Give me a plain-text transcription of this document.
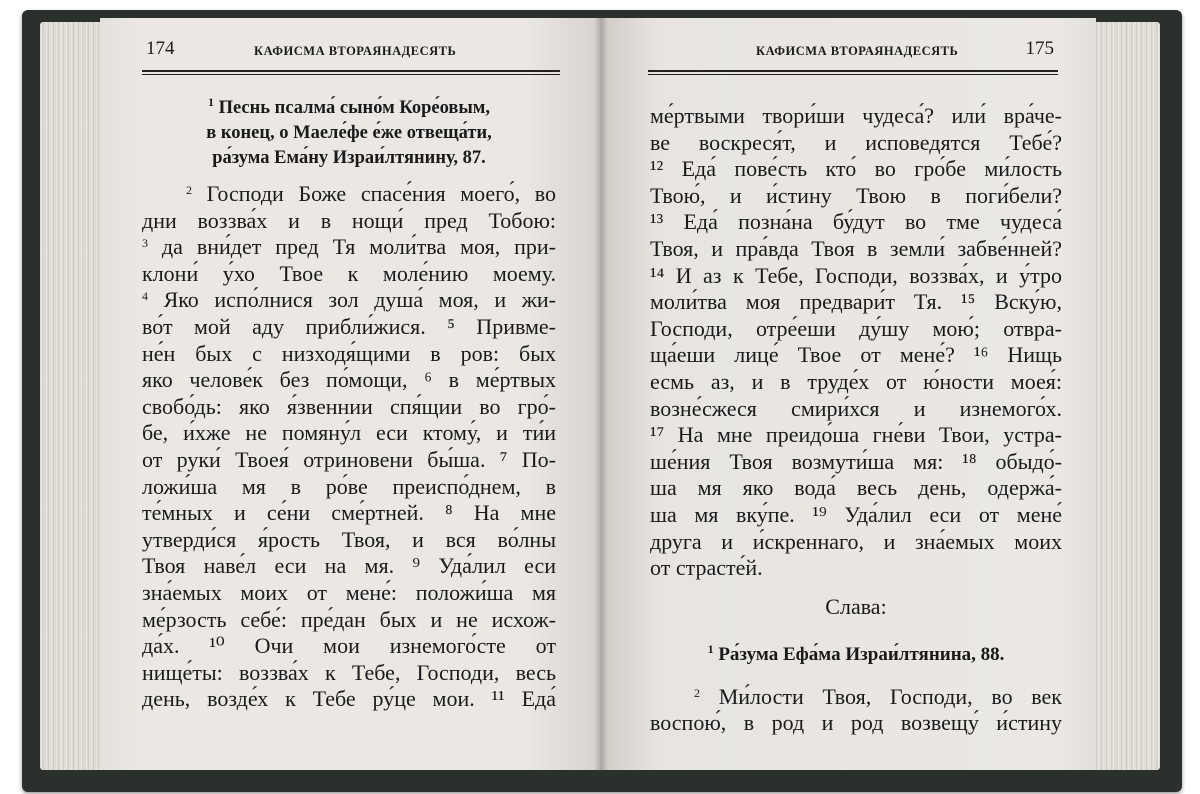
174	КАФИСМА ВТОРАЯНАДЕСЯТЬ	КАФИСМА ВТОРАЯНАДЕСЯТЬ	175
$^1$ Песнь псалма́ сыно́м Коре́овым,
в конец, о Маеле́фе е́же отвеща́ти,
ра́зума Ема́ну Израи́лтянину, 87.
$^2$ Господи Боже спасе́ния моего́, во
дни воззва́х и в нощи́ пред Тобою:
$^3$ да вни́дет пред Тя моли́тва моя, при-
клони́ у́хо Твое к моле́нию моему.
$^4$ Яко испо́лнися зол душа́ моя, и жи-
во́т мой аду прибли́жися. ⁵ Привме-
не́н бых с низходя́щими в ров: бых
яко челове́к без по́мощи, ⁶ в ме́ртвых
свобо́дь: яко я́звеннии спя́щии во гро́-
бе, и́хже не помяну́л еси ктому́, и ти́и
от руки́ Твоея́ отриновени бы́ша. ⁷ По-
ложи́ша мя в ро́ве преиспо́днем, в
те́мных и се́ни сме́ртней. ⁸ На мне
утверди́ся я́рость Твоя, и вся во́лны
Твоя наве́л еси на мя. ⁹ Уда́лил еси
зна́емых моих от мене́: положи́ша мя
ме́рзость себе́: пре́дан бых и не исхож-
да́х. ¹⁰ Очи мои изнемого́сте от
нище́ты: воззва́х к Тебе, Господи, весь
день, возде́х к Тебе ру́це мои. ¹¹ Еда́
ме́ртвыми твори́ши чудеса́? или́ вра́че-
ве воскреся́т, и исповедятся Тебе́?
¹² Еда́ пове́сть кто́ во гро́бе ми́лость
Твою́, и и́стину Твою в поги́бели?
¹³ Еда́ позна́на бу́дут во тме чудеса́
Твоя, и пра́вда Твоя в земли́ забве́нней?
¹⁴ И аз к Тебе, Господи, воззва́х, и у́тро
моли́тва моя предвари́т Тя. ¹⁵ Вску́ю,
Господи, отре́еши ду́шу мою́; отвра-
ща́еши лице́ Твое от мене́? ¹⁶ Нищь
есмь аз, и в труде́х от ю́ности моея́:
возне́сжеся смири́хся и изнемого́х.
¹⁷ На мне преидо́ша гне́ви Твои, устра-
ше́ния Твоя возмути́ша мя: ¹⁸ обыдо́-
ша мя яко вода́ весь день, одержа́-
ша мя вку́пе. ¹⁹ Уда́лил еси от мене́
друга и и́скреннаго, и зна́емых моих
от страсте́й.
Слава:
$^1$ Ра́зума Ефа́ма Израи́лтянина, 88.
$^2$ Ми́лости Твоя, Господи, во век
воспою́, в род и род возвещу́ и́стину
